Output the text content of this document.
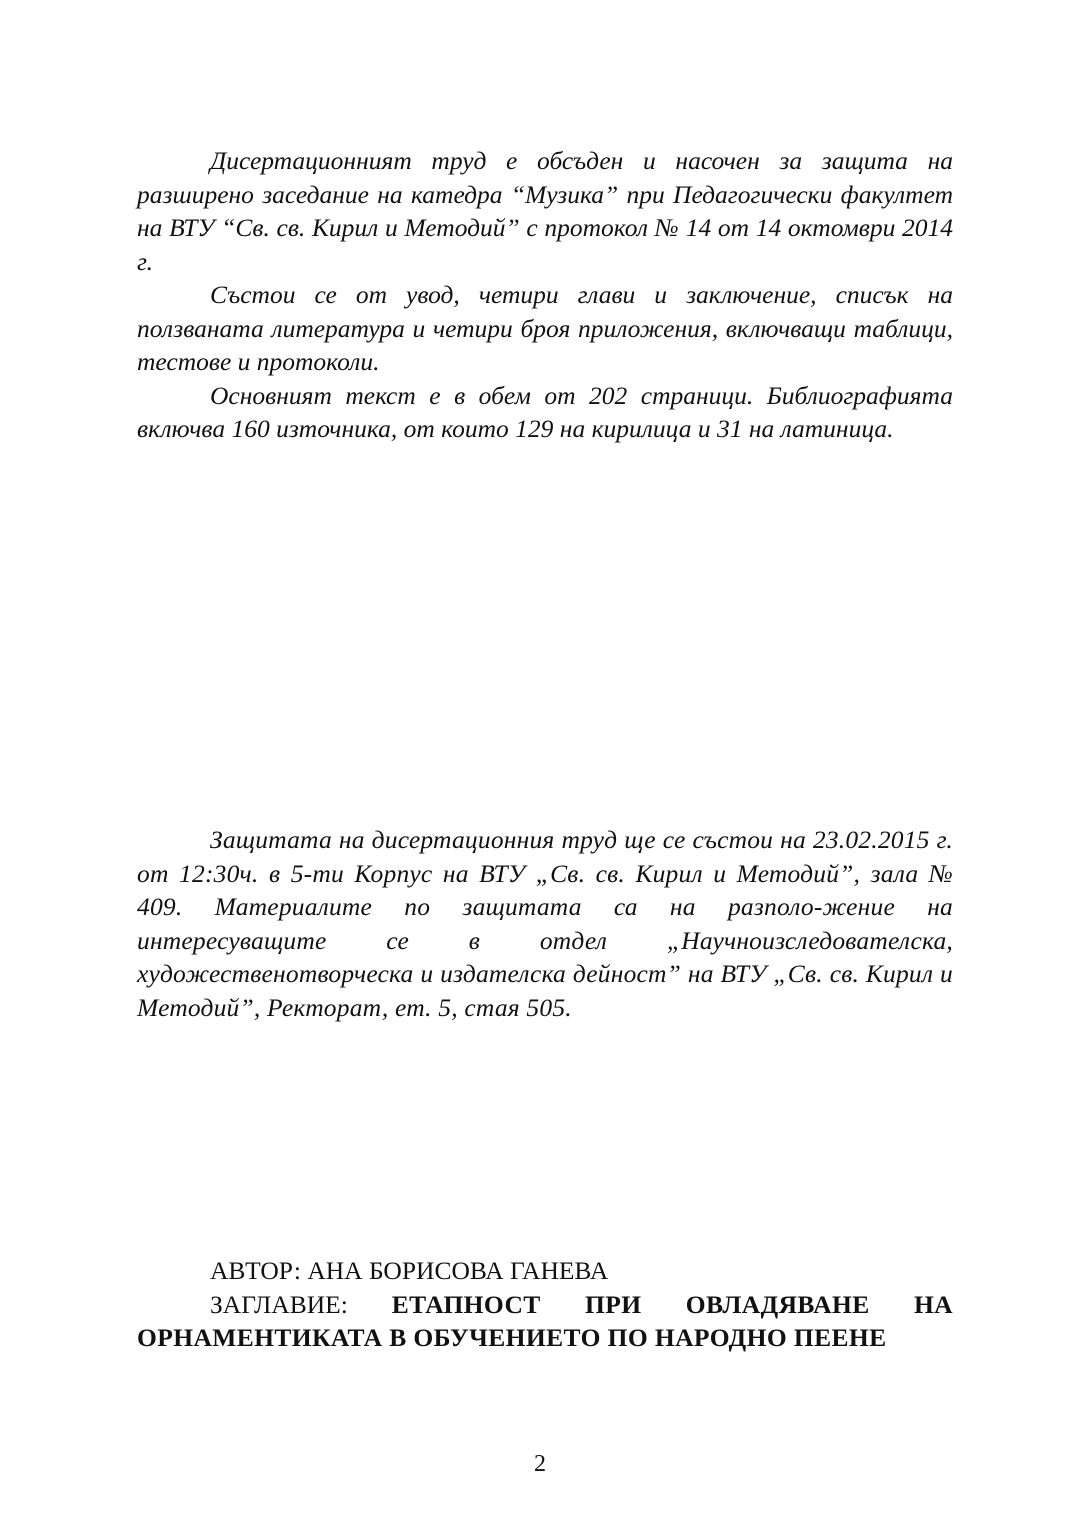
Дисертационният труд е обсъден и насочен за защита на разширено заседание на катедра “Музика” при Педагогически факултет на ВТУ “Св. св. Кирил и Методий” с протокол № 14 от 14 октомври 2014 г.

Състои се от увод, четири глави и заключение, списък на ползваната литература и четири броя приложения, включващи таблици, тестове и протоколи.

Основният текст е в обем от 202 страници. Библиографията включва 160 източника, от които 129 на кирилица и 31 на латиница.

Защитата на дисертационния труд ще се състои на 23.02.2015 г. от 12:30ч. в 5-ти Корпус на ВТУ „Св. св. Кирил и Методий”, зала № 409. Материалите по защитата са на разполо-жение на интересуващите се в отдел „Научноизследователска, художественотворческа и издателска дейност” на ВТУ „Св. св. Кирил и Методий”, Ректорат, ет. 5, стая 505.

АВТОР: АНА БОРИСОВА ГАНЕВА

ЗАГЛАВИЕ: ЕТАПНОСТ ПРИ ОВЛАДЯВАНЕ НА

ОРНАМЕНТИКАТА В ОБУЧЕНИЕТО ПО НАРОДНО ПЕЕНЕ

2
